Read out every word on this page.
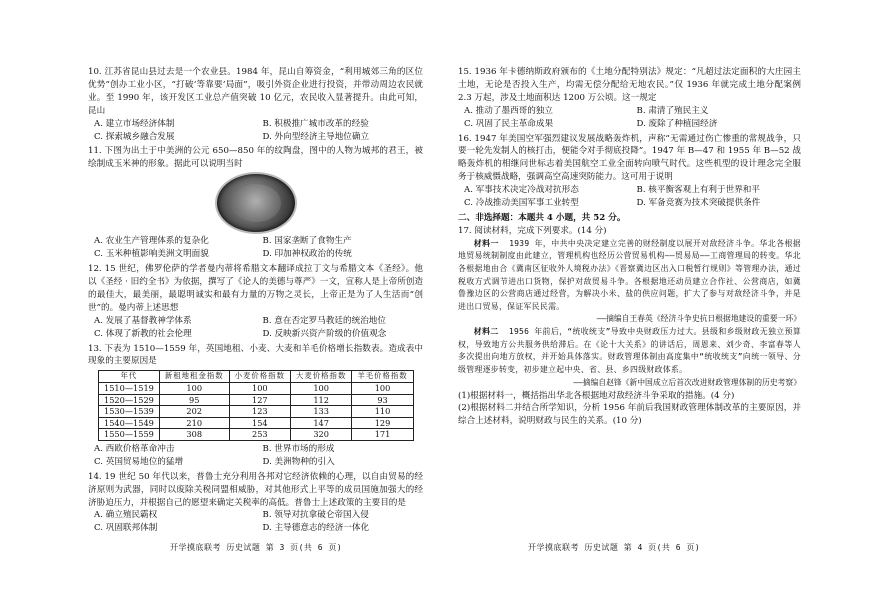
10. 江苏省昆山县过去是一个农业县。1984 年，昆山自筹资金，“利用城郊三角的区位优势”创办工业小区，“打破‘等靠要’局面”，吸引外资企业进行投资，并带动周边农民就业。至 1990 年，该开发区工业总产值突破 10 亿元，农民收入显著提升。由此可知，昆山

A. 建立市场经济体制	B. 积极推广城市改革的经验
C. 探索城乡融合发展	D. 外向型经济主导地位确立

11. 下图为出土于中美洲的公元 650—850 年的纹陶盘，图中的人物为城邦的君王，被绘制成玉米神的形象。据此可以说明当时

A. 农业生产管理体系的复杂化	B. 国家垄断了食物生产
C. 玉米种植影响美洲文明面貌	D. 印加神权政治的传统

12. 15 世纪，佛罗伦萨的学者曼内蒂将希腊文本翻译成拉丁文与希腊文本《圣经》。他以《圣经 · 旧约全书》为依据，撰写了《论人的美德与尊严》一文，宣称人是上帝所创造的最佳大，最美丽，最聪明诚实和最有力量的万物之灵长，上帝正是为了人生活而“创世”的。曼内蒂上述思想

A. 发展了基督教神学体系	B. 意在否定罗马教廷的统治地位
C. 体现了新教的社会伦理	D. 反映新兴资产阶级的价值观念

13. 下表为 1510—1559 年，英国地租、小麦、大麦和羊毛价格增长指数表。造成表中现象的主要原因是

年代	新租地租金指数	小麦价格指数	大麦价格指数	羊毛价格指数
1510—1519	100	100	100	100
1520—1529	95	127	112	93
1530—1539	202	123	133	110
1540—1549	210	154	147	129
1550—1559	308	253	320	171
A. 西欧价格革命冲击	B. 世界市场的形成
C. 英国贸易地位的猛增	D. 美洲物种的引入

14. 19 世纪 50 年代以来，普鲁士充分利用各邦对它经济依赖的心理，以自由贸易的经济原则为武器，同时以废除关税同盟相威胁，对其他形式上平等的成员国施加强大的经济胁迫压力，并根据自己的愿望来确定关税率的高低。普鲁士上述政策的主要目的是

A. 确立殖民霸权	B. 领导对抗拿破仑帝国入侵
C. 巩固联邦体制	D. 主导德意志的经济一体化
开学摸底联考 历史试题 第 3 页(共 6 页)

15. 1936 年卡德纳斯政府颁布的《土地分配特别法》规定：“凡超过法定面积的大庄园主土地，无论是否投入生产，均需无偿分配给无地农民。”仅 1936 年就完成土地分配案例 2.3 万起，涉及土地面积达 1200 万公顷。这一规定

A. 推动了墨西哥的独立	B. 肃清了殖民主义
C. 巩固了民主革命成果	D. 废除了种植园经济

16. 1947 年美国空军强烈建议发展战略轰炸机，声称“无需通过伤亡惨重的常规战争，只要一轮先发制人的核打击，便能令对手彻底投降”。1947 年 B—47 和 1955 年 B—52 战略轰炸机的相继问世标志着美国航空工业全面转向喷气时代。这些机型的设计理念完全服务于核威慑战略，强调高空高速突防能力。这可用于说明

A. 军事技术决定冷战对抗形态	B. 核平衡客观上有利于世界和平
C. 冷战推动美国军事工业转型	D. 军备竞赛为技术突破提供条件

二、非选择题：本题共 4 小题，共 52 分。

17. 阅读材料，完成下列要求。(14 分)

材料一 1939 年，中共中央决定建立完善的财经制度以展开对敌经济斗争。华北各根据地贸易统制制度由此建立，管理机构也经历公营贸易机构——贸易局——工商管理局的转变。华北各根据地由合《冀南区征收外人境税办法》《晋察冀边区出入口税暂行规则》等管理办法，通过税收方式调节进出口货物，保护对敌贸易斗争。各根据地还动员建立合作社、公营商店，如冀鲁豫边区的公营商店通过经营，为解决小米、盐的供应问题，扩大了参与对敌经济斗争，并是进出口贸易，保证军民民需。

——摘编自王春英《经济斗争史抗日根据地建设的重要一环》

材料二 1956 年前后，“统收统支”导致中央财政压力过大。县级和乡级财政无独立预算权，导致地方公共服务供给滞后。在《论十大关系》的讲话后，周恩来、刘少奇、李富春等人多次提出向地方放权，并开始具体落实。财政管理体制由高度集中“统收统支”向统一领导、分级管理逐步转变，初步建立起中央、省、县、乡四级财政体系。

——摘编自赵锋《新中国成立后首次改进财政管理体制的历史考察》

(1)根据材料一，概括指出华北各根据地对敌经济斗争采取的措施。(4 分)

(2)根据材料二并结合所学知识，分析 1956 年前后我国财政管理体制改革的主要原因，并综合上述材料，说明财政与民生的关系。(10 分)

开学摸底联考 历史试题 第 4 页(共 6 页)
